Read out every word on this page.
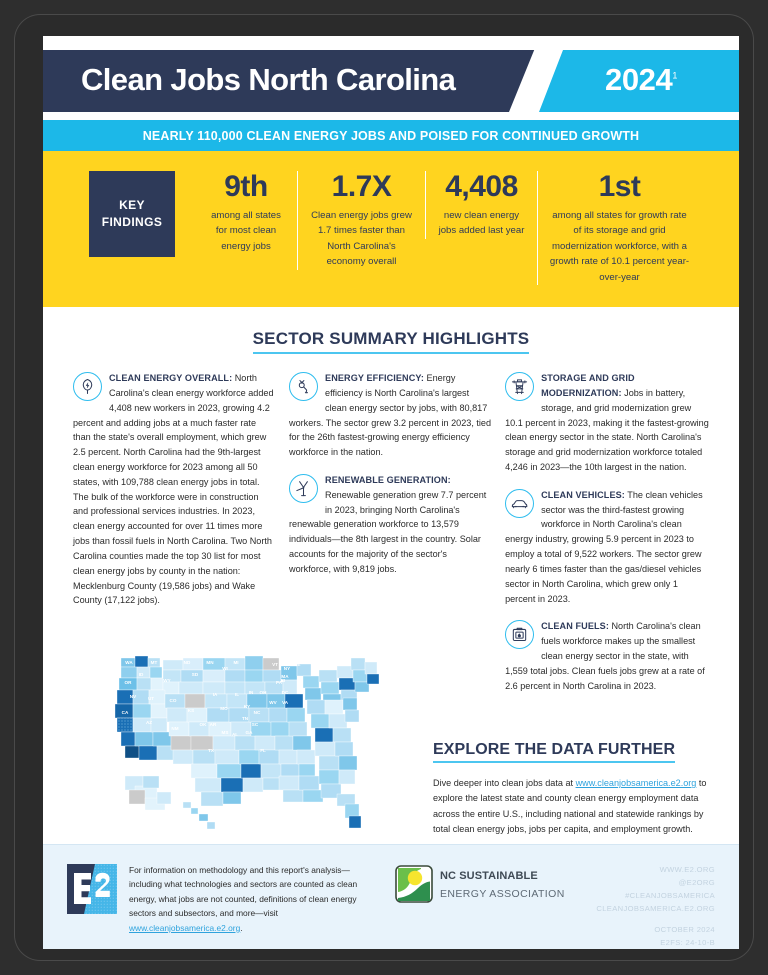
Clean Jobs North Carolina	2024$^1$
NEARLY 110,000 CLEAN ENERGY JOBS AND POISED FOR CONTINUED GROWTH
KEY
FINDINGS
9th
among all states for most clean energy jobs
1.7X
Clean energy jobs grew 1.7 times faster than North Carolina's economy overall
4,408
new clean energy jobs added last year
1st
among all states for growth rate of its storage and grid modernization workforce, with a growth rate of 10.1 percent year-over-year
SECTOR SUMMARY HIGHLIGHTS
CLEAN ENERGY OVERALL: North Carolina's clean energy workforce added 4,408 new workers in 2023, growing 4.2 percent and adding jobs at a much faster rate than the state's overall employment, which grew 2.5 percent. North Carolina had the 9th-largest clean energy workforce for 2023 among all 50 states, with 109,788 clean energy jobs in total. The bulk of the workforce were in construction and professional services industries. In 2023, clean energy accounted for over 11 times more jobs than fossil fuels in North Carolina. Two North Carolina counties made the top 30 list for most clean energy jobs by county in the nation: Mecklenburg County (19,586 jobs) and Wake County (17,122 jobs).
ENERGY EFFICIENCY: Energy efficiency is North Carolina's largest clean energy sector by jobs, with 80,817 workers. The sector grew 3.2 percent in 2023, tied for the 26th fastest-growing energy efficiency workforce in the nation.
RENEWABLE GENERATION: Renewable generation grew 7.7 percent in 2023, bringing North Carolina's renewable generation workforce to 13,579 individuals—the 8th largest in the country. Solar accounts for the majority of the sector's workforce, with 9,819 jobs.
STORAGE AND GRID MODERNIZATION: Jobs in battery, storage, and grid modernization grew 10.1 percent in 2023, making it the fastest-growing clean energy sector in the state. North Carolina's storage and grid modernization workforce totaled 4,246 in 2023—the 10th largest in the nation.
CLEAN VEHICLES: The clean vehicles sector was the third-fastest growing workforce in North Carolina's clean energy industry, growing 5.9 percent in 2023 to employ a total of 9,522 workers. The sector grew nearly 6 times faster than the gas/diesel vehicles sector in North Carolina, which grew only 1 percent in 2023.
CLEAN FUELS: North Carolina's clean fuels workforce makes up the smallest clean energy sector in the state, with 1,559 total jobs. Clean fuels jobs grew at a rate of 2.6 percent in North Carolina in 2023.
WA
OR
ID
MT	ND
SD
MN
WI
MI
WY
NV	UT	CO
CA
AZ
NM
IA
KS	MO
IL IN OH
WV VA
KY
TN
PA
DC
NY
VT
NH
ME
MA
RI
NC
SC
GA
AL
MS
AR
OK
TX	FL
AK	HI
EXPLORE THE DATA FURTHER
Dive deeper into clean jobs data at www.cleanjobsamerica.e2.org to explore the latest state and county clean energy employment data across the entire U.S., including national and statewide rankings by total clean energy jobs, jobs per capita, and employment growth.
For information on methodology and this report's analysis—including what technologies and sectors are counted as clean energy, what jobs are not counted, definitions of clean energy sectors and subsectors, and more—visit www.cleanjobsamerica.e2.org.
NC SUSTAINABLE
ENERGY ASSOCIATION
WWW.E2.ORG
@E2ORG
#CLEANJOBSAMERICA
CLEANJOBSAMERICA.E2.ORG
OCTOBER 2024
E2FS: 24-10-B
